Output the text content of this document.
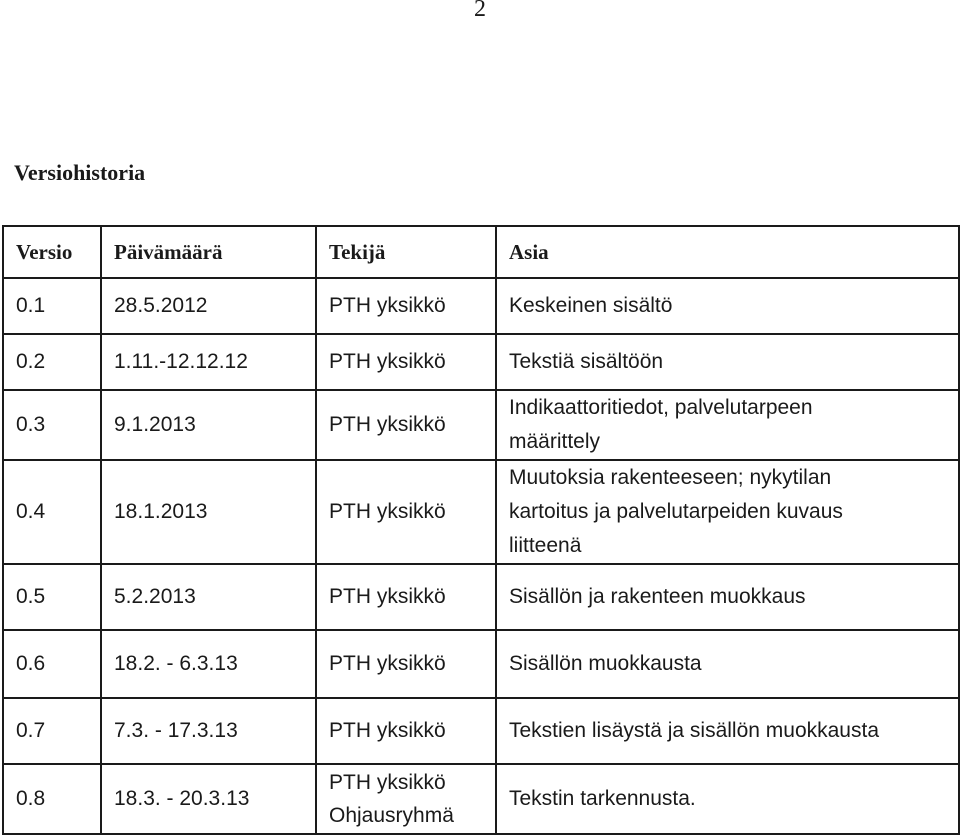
2
Versiohistoria
Versio	Päivämäärä	Tekijä	Asia
0.1	28.5.2012	PTH yksikkö	Keskeinen sisältö

0.2	1.11.-12.12.12	PTH yksikkö	Tekstiä sisältöön

0.3	9.1.2013	PTH yksikkö	Indikaattoritiedot, palvelutarpeen
määrittely

0.4	18.1.2013	PTH yksikkö	Muutoksia rakenteeseen; nykytilan
kartoitus ja palvelutarpeiden kuvaus
liitteenä

0.5	5.2.2013	PTH yksikkö	Sisällön ja rakenteen muokkaus

0.6	18.2. - 6.3.13	PTH yksikkö	Sisällön muokkausta

0.7	7.3. - 17.3.13	PTH yksikkö	Tekstien lisäystä ja sisällön muokkausta

0.8	18.3. - 20.3.13	PTH yksikkö
Ohjausryhmä	Tekstin tarkennusta.
